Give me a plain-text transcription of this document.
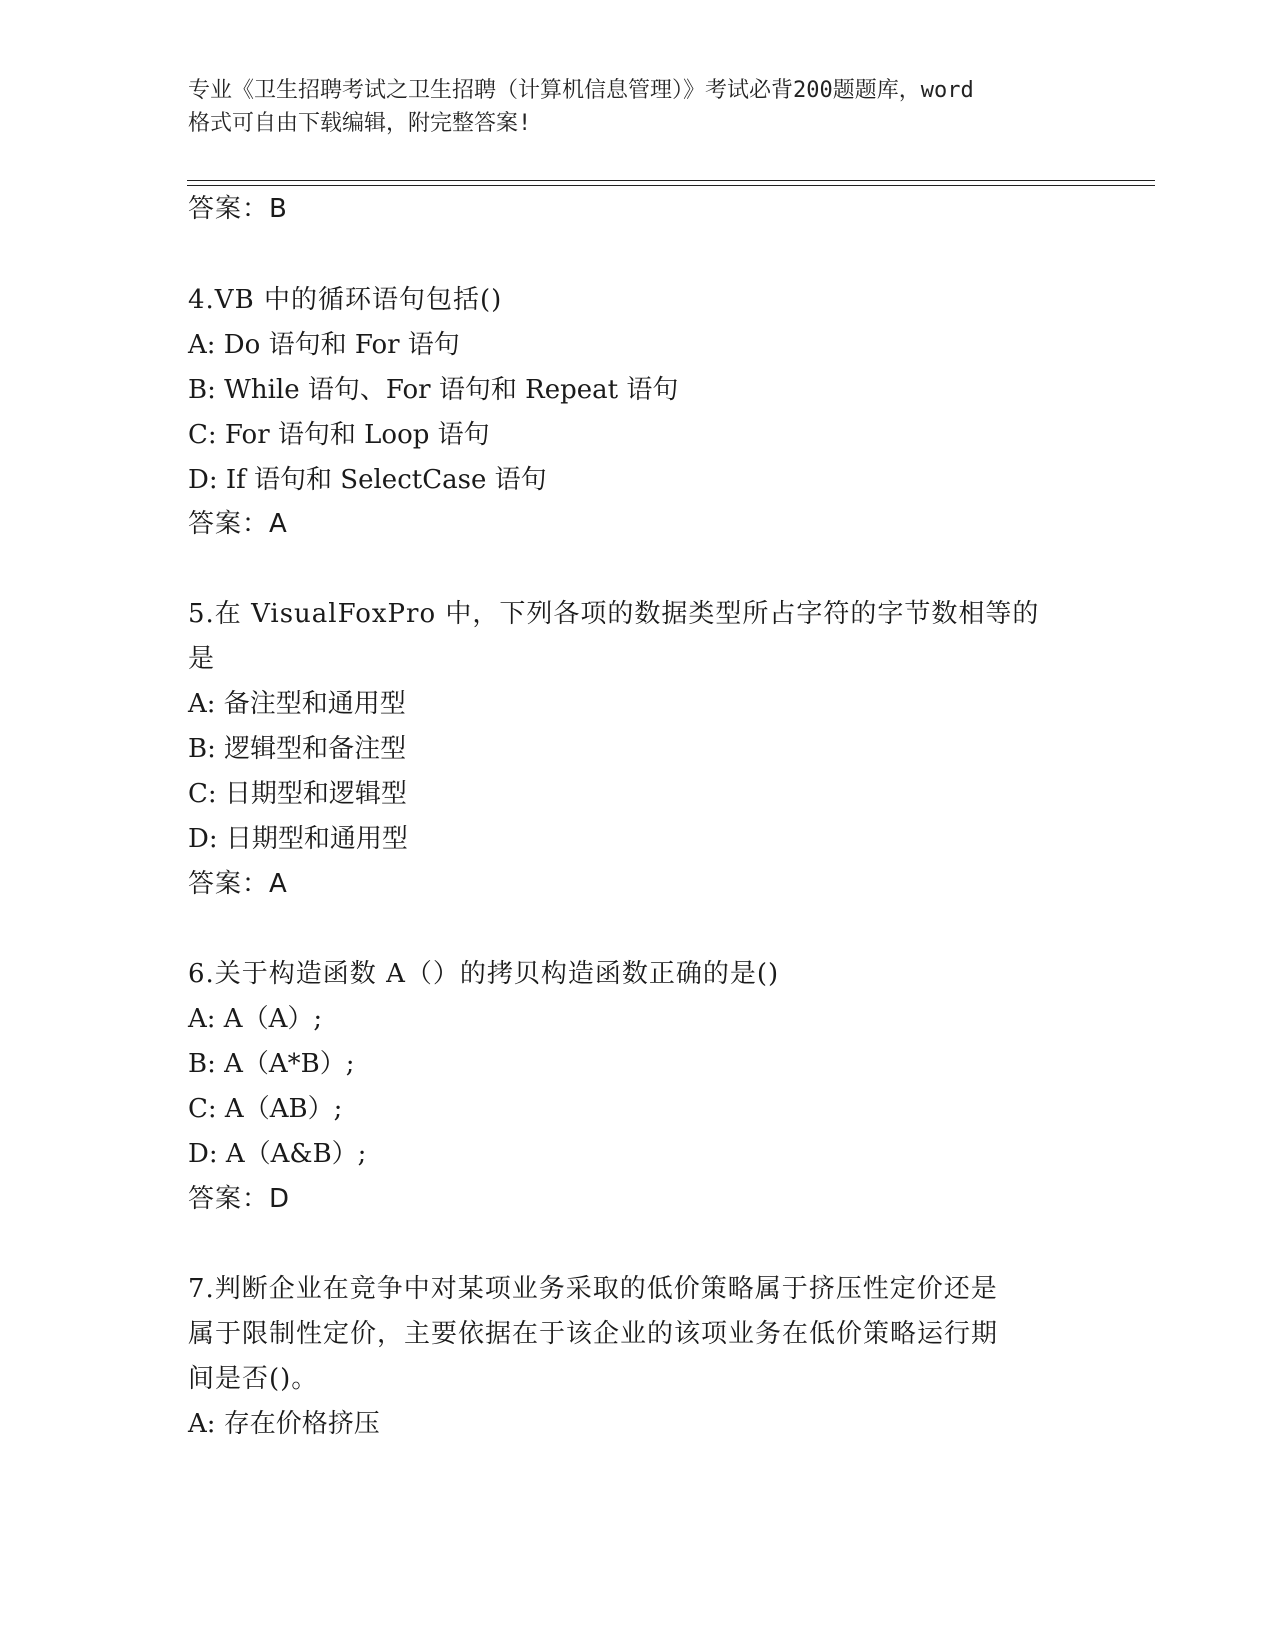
专业《卫生招聘考试之卫生招聘（计算机信息管理）》考试必背200题题库，word
格式可自由下载编辑，附完整答案!
答案：B
4.VB 中的循环语句包括()
A: Do 语句和 For 语句
B: While 语句、For 语句和 Repeat 语句
C: For 语句和 Loop 语句
D: If 语句和 SelectCase 语句
答案：A
5.在 VisualFoxPro 中，下列各项的数据类型所占字符的字节数相等的
是
A: 备注型和通用型
B: 逻辑型和备注型
C: 日期型和逻辑型
D: 日期型和通用型
答案：A
6.关于构造函数 A（）的拷贝构造函数正确的是()
A: A（A）;
B: A（A*B）;
C: A（AB）;
D: A（A&B）;
答案：D
7.判断企业在竞争中对某项业务采取的低价策略属于挤压性定价还是
属于限制性定价，主要依据在于该企业的该项业务在低价策略运行期
间是否()。
A: 存在价格挤压
